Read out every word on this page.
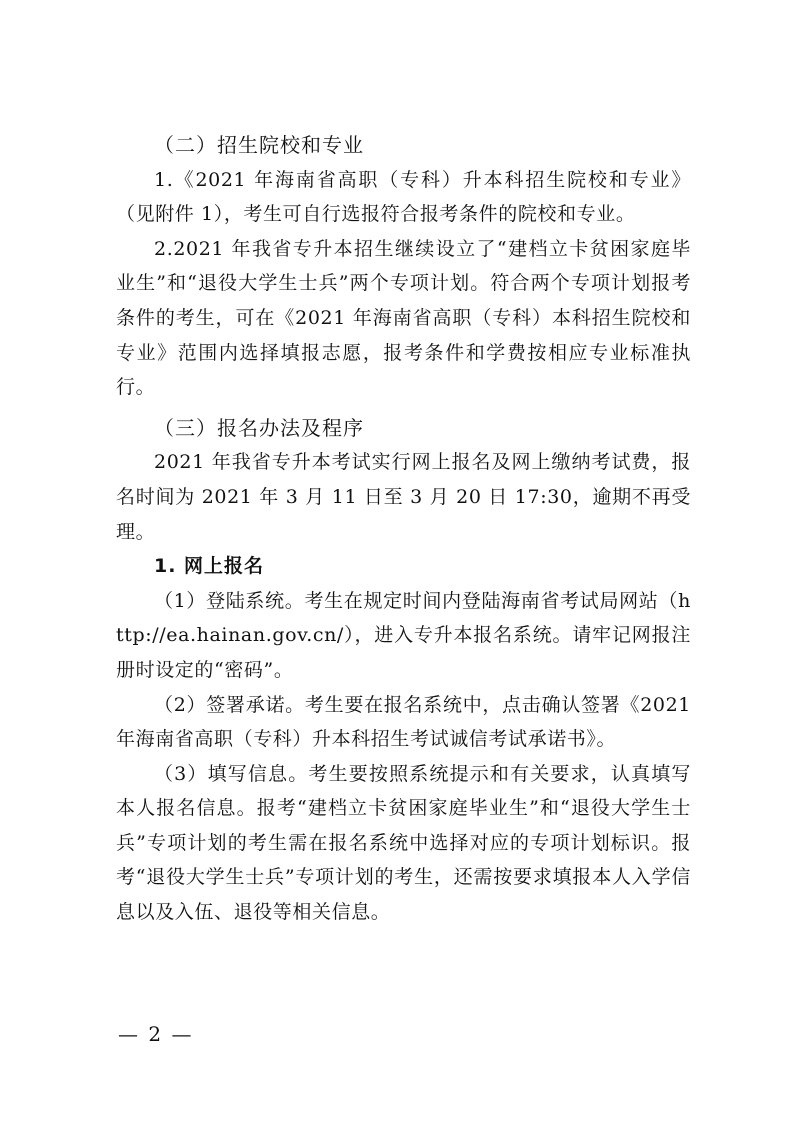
（二）招生院校和专业

1.《2021 年海南省高职（专科）升本科招生院校和专业》（见附件 1），考生可自行选报符合报考条件的院校和专业。

2.2021 年我省专升本招生继续设立了“建档立卡贫困家庭毕业生”和“退役大学生士兵”两个专项计划。符合两个专项计划报考条件的考生，可在《2021 年海南省高职（专科）本科招生院校和专业》范围内选择填报志愿，报考条件和学费按相应专业标准执行。

（三）报名办法及程序

2021 年我省专升本考试实行网上报名及网上缴纳考试费，报名时间为 2021 年 3 月 11 日至 3 月 20 日 17:30，逾期不再受理。

1. 网上报名

（1）登陆系统。考生在规定时间内登陆海南省考试局网站（http://ea.hainan.gov.cn/），进入专升本报名系统。请牢记网报注册时设定的“密码”。

（2）签署承诺。考生要在报名系统中，点击确认签署《2021 年海南省高职（专科）升本科招生考试诚信考试承诺书》。

（3）填写信息。考生要按照系统提示和有关要求，认真填写本人报名信息。报考“建档立卡贫困家庭毕业生”和“退役大学生士兵”专项计划的考生需在报名系统中选择对应的专项计划标识。报考“退役大学生士兵”专项计划的考生，还需按要求填报本人入学信息以及入伍、退役等相关信息。

— 2 —
